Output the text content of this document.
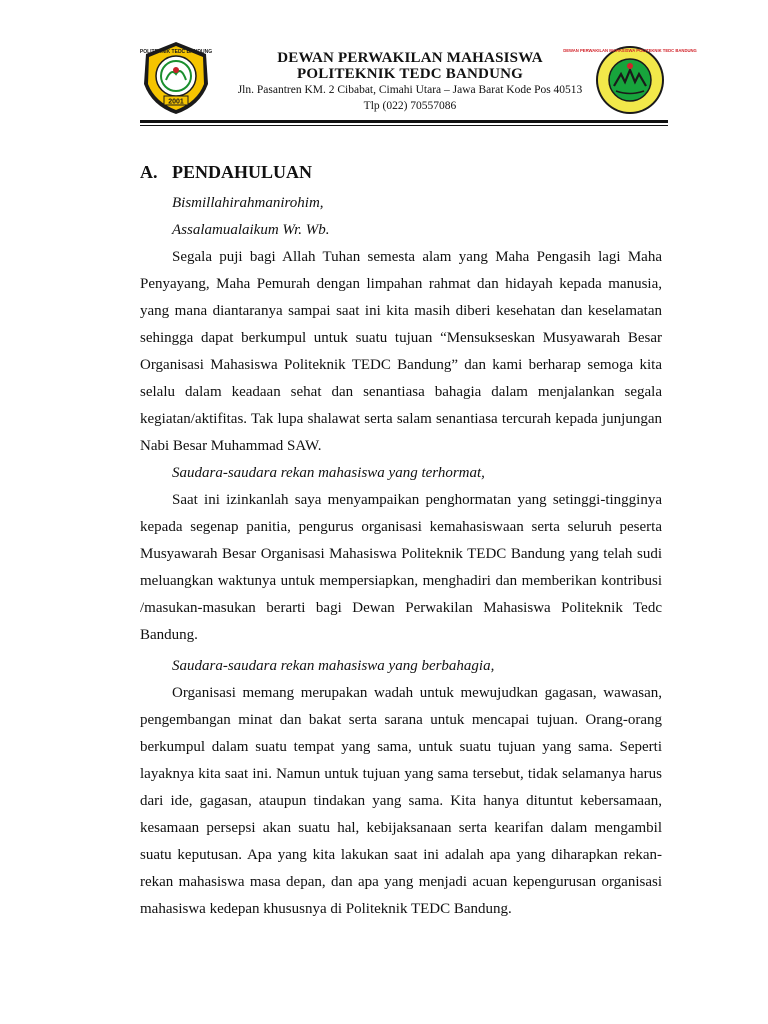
2001
POLITEKNIK TEDC BANDUNG	DEWAN PERWAKILAN MAHASISWA
POLITEKNIK TEDC BANDUNG
Jln. Pasantren KM. 2 Cibabat, Cimahi Utara – Jawa Barat Kode Pos 40513
Tlp (022) 70557086
DEWAN PERWAKILAN MAHASISWA POLITEKNIK TEDC BANDUNG
A. PENDAHULUAN

Bismillahirahmanirohim,

Assalamualaikum Wr. Wb.

Segala puji bagi Allah Tuhan semesta alam yang Maha Pengasih lagi Maha Penyayang, Maha Pemurah dengan limpahan rahmat dan hidayah kepada manusia, yang mana diantaranya sampai saat ini kita masih diberi kesehatan dan keselamatan sehingga dapat berkumpul untuk suatu tujuan “Mensukseskan Musyawarah Besar Organisasi Mahasiswa Politeknik TEDC Bandung” dan kami berharap semoga kita selalu dalam keadaan sehat dan senantiasa bahagia dalam menjalankan segala kegiatan/aktifitas. Tak lupa shalawat serta salam senantiasa tercurah kepada junjungan Nabi Besar Muhammad SAW.

Saudara-saudara rekan mahasiswa yang terhormat,

Saat ini izinkanlah saya menyampaikan penghormatan yang setinggi-tingginya kepada segenap panitia, pengurus organisasi kemahasiswaan serta seluruh peserta Musyawarah Besar Organisasi Mahasiswa Politeknik TEDC Bandung yang telah sudi meluangkan waktunya untuk mempersiapkan, menghadiri dan memberikan kontribusi /masukan-masukan berarti bagi Dewan Perwakilan Mahasiswa Politeknik Tedc Bandung.

Saudara-saudara rekan mahasiswa yang berbahagia,

Organisasi memang merupakan wadah untuk mewujudkan gagasan, wawasan, pengembangan minat dan bakat serta sarana untuk mencapai tujuan. Orang-orang berkumpul dalam suatu tempat yang sama, untuk suatu tujuan yang sama. Seperti layaknya kita saat ini. Namun untuk tujuan yang sama tersebut, tidak selamanya harus dari ide, gagasan, ataupun tindakan yang sama. Kita hanya dituntut kebersamaan, kesamaan persepsi akan suatu hal, kebijaksanaan serta kearifan dalam mengambil suatu keputusan. Apa yang kita lakukan saat ini adalah apa yang diharapkan rekan-rekan mahasiswa masa depan, dan apa yang menjadi acuan kepengurusan organisasi mahasiswa kedepan khususnya di Politeknik TEDC Bandung.
